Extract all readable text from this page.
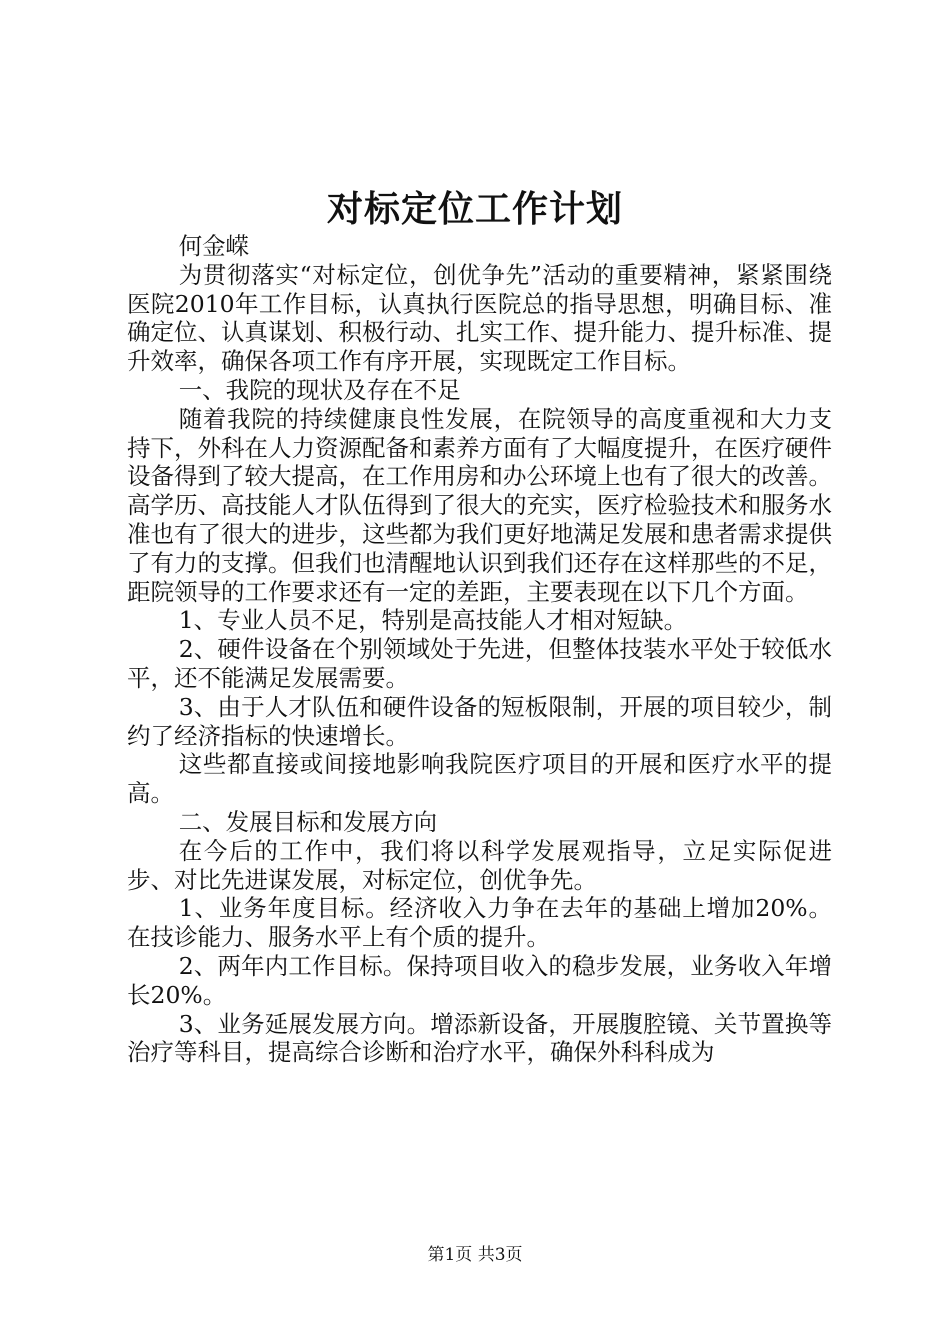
对标定位工作计划

何金嵘

为贯彻落实“对标定位，创优争先”活动的重要精神，紧紧围绕医院2010年工作目标，认真执行医院总的指导思想，明确目标、准确定位、认真谋划、积极行动、扎实工作、提升能力、提升标准、提升效率，确保各项工作有序开展，实现既定工作目标。

一、我院的现状及存在不足

随着我院的持续健康良性发展，在院领导的高度重视和大力支持下，外科在人力资源配备和素养方面有了大幅度提升，在医疗硬件设备得到了较大提高，在工作用房和办公环境上也有了很大的改善。高学历、高技能人才队伍得到了很大的充实，医疗检验技术和服务水准也有了很大的进步，这些都为我们更好地满足发展和患者需求提供了有力的支撑。但我们也清醒地认识到我们还存在这样那些的不足，距院领导的工作要求还有一定的差距，主要表现在以下几个方面。

1、专业人员不足，特别是高技能人才相对短缺。

2、硬件设备在个别领域处于先进，但整体技装水平处于较低水平，还不能满足发展需要。

3、由于人才队伍和硬件设备的短板限制，开展的项目较少，制约了经济指标的快速增长。

这些都直接或间接地影响我院医疗项目的开展和医疗水平的提高。

二、发展目标和发展方向

在今后的工作中，我们将以科学发展观指导，立足实际促进步、对比先进谋发展，对标定位，创优争先。

1、业务年度目标。经济收入力争在去年的基础上增加20%。在技诊能力、服务水平上有个质的提升。

2、两年内工作目标。保持项目收入的稳步发展，业务收入年增长20%。

3、业务延展发展方向。增添新设备，开展腹腔镜、关节置换等治疗等科目，提高综合诊断和治疗水平，确保外科科成为

第1页 共3页
